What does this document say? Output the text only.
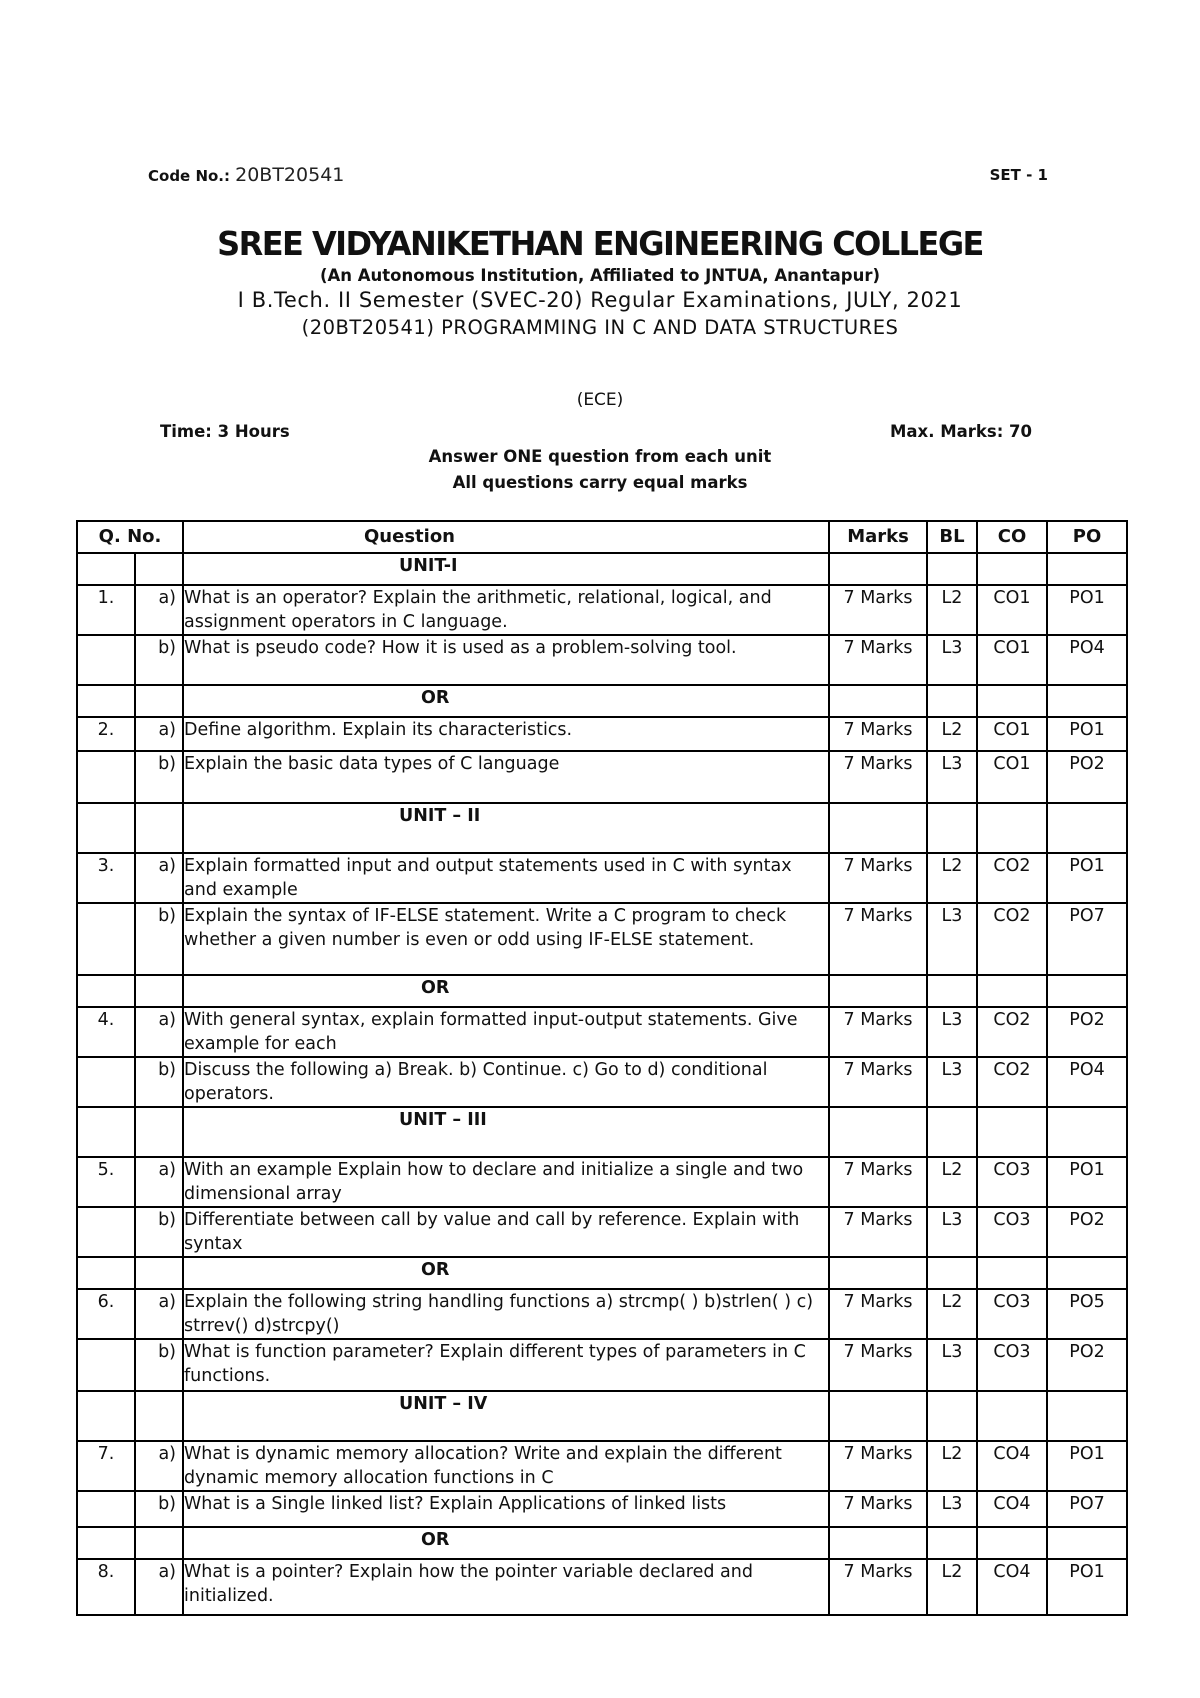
Code No.: 20BT20541	SET - 1
SREE VIDYANIKETHAN ENGINEERING COLLEGE
(An Autonomous Institution, Affiliated to JNTUA, Anantapur)
I B.Tech. II Semester (SVEC-20) Regular Examinations, JULY, 2021
(20BT20541) PROGRAMMING IN C AND DATA STRUCTURES
(ECE)
Time: 3 Hours	Max. Marks: 70
Answer ONE question from each unit
All questions carry equal marks
Q. No.		Question	Marks	BL	CO	PO
		UNIT-I				
1.	a)	What is an operator? Explain the arithmetic, relational, logical, and assignment operators in C language.	7 Marks	L2	CO1	PO1
	b)	What is pseudo code? How it is used as a problem-solving tool.	7 Marks	L3	CO1	PO4
		OR				
2.	a)	Define algorithm. Explain its characteristics.	7 Marks	L2	CO1	PO1
	b)	Explain the basic data types of C language	7 Marks	L3	CO1	PO2
		UNIT – II				
3.	a)	Explain formatted input and output statements used in C with syntax and example	7 Marks	L2	CO2	PO1
	b)	Explain the syntax of IF-ELSE statement. Write a C program to check whether a given number is even or odd using IF-ELSE statement.	7 Marks	L3	CO2	PO7
		OR				
4.	a)	With general syntax, explain formatted input-output statements. Give example for each	7 Marks	L3	CO2	PO2
	b)	Discuss the following a) Break. b) Continue. c) Go to d) conditional operators.	7 Marks	L3	CO2	PO4
		UNIT – III				
5.	a)	With an example Explain how to declare and initialize a single and two dimensional array	7 Marks	L2	CO3	PO1
	b)	Differentiate between call by value and call by reference. Explain with syntax	7 Marks	L3	CO3	PO2
		OR				
6.	a)	Explain the following string handling functions a) strcmp( ) b)strlen( ) c) strrev() d)strcpy()	7 Marks	L2	CO3	PO5
	b)	What is function parameter? Explain different types of parameters in C functions.	7 Marks	L3	CO3	PO2
		UNIT – IV				
7.	a)	What is dynamic memory allocation? Write and explain the different dynamic memory allocation functions in C	7 Marks	L2	CO4	PO1
	b)	What is a Single linked list? Explain Applications of linked lists	7 Marks	L3	CO4	PO7
		OR				
8.	a)	What is a pointer? Explain how the pointer variable declared and initialized.	7 Marks	L2	CO4	PO1
